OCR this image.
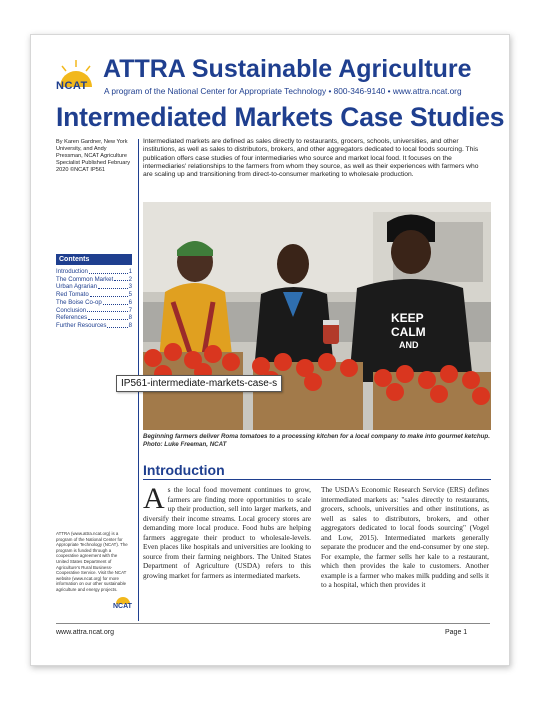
NCAT
ATTRA Sustainable Agriculture
A program of the National Center for Appropriate Technology • 800-346-9140 • www.attra.ncat.org
Intermediated Markets Case Studies
By Karen Gardner, New York University, and Andy Pressman, NCAT Agriculture Specialist Published February 2020 ©NCAT IP561
Intermediated markets are defined as sales directly to restaurants, grocers, schools, universities, and other institutions, as well as sales to distributors, brokers, and other aggregators dedicated to local foods sourcing. This publication offers case studies of four intermediaries who source and market local food. It focuses on the intermediaries' relationships to the farmers from whom they source, as well as their experiences with farmers who are scaling up and transitioning from direct-to-consumer marketing to wholesale production.
Contents
Introduction	1
The Common Market	2
Urban Agrarian	3
Red Tomato	5
The Boise Co-op	6
Conclusion	7
References	8
Further Resources	8
KEEP
CALM
AND
IP561-intermediate-markets-case-s
Beginning farmers deliver Roma tomatoes to a processing kitchen for a local company to make into gourmet ketchup. Photo: Luke Freeman, NCAT
Introduction
As the local food movement continues to grow, farmers are finding more opportunities to scale up their production, sell into larger markets, and diversify their income streams. Local grocery stores are demanding more local produce. Food hubs are helping farmers aggregate their product to wholesale-levels. Even places like hospitals and universities are looking to source from their farming neighbors. The United States Department of Agriculture (USDA) refers to this growing market for farmers as intermediated markets.
The USDA's Economic Research Service (ERS) defines intermediated markets as: "sales directly to restaurants, grocers, schools, universities and other institutions, as well as sales to distributors, brokers, and other aggregators dedicated to local foods sourcing" (Vogel and Low, 2015). Intermediated markets generally separate the producer and the end-consumer by one step. For example, the farmer sells her kale to a restaurant, which then provides the kale to customers. Another example is a farmer who makes milk pudding and sells it to a hospital, which then provides it
ATTRA (www.attra.ncat.org) is a program of the National Center for Appropriate Technology (NCAT). The program is funded through a cooperative agreement with the United States Department of Agriculture's Rural Business-Cooperative Service. Visit the NCAT website (www.ncat.org) for more information on our other sustainable agriculture and energy projects.
NCAT
www.attra.ncat.org	Page 1
